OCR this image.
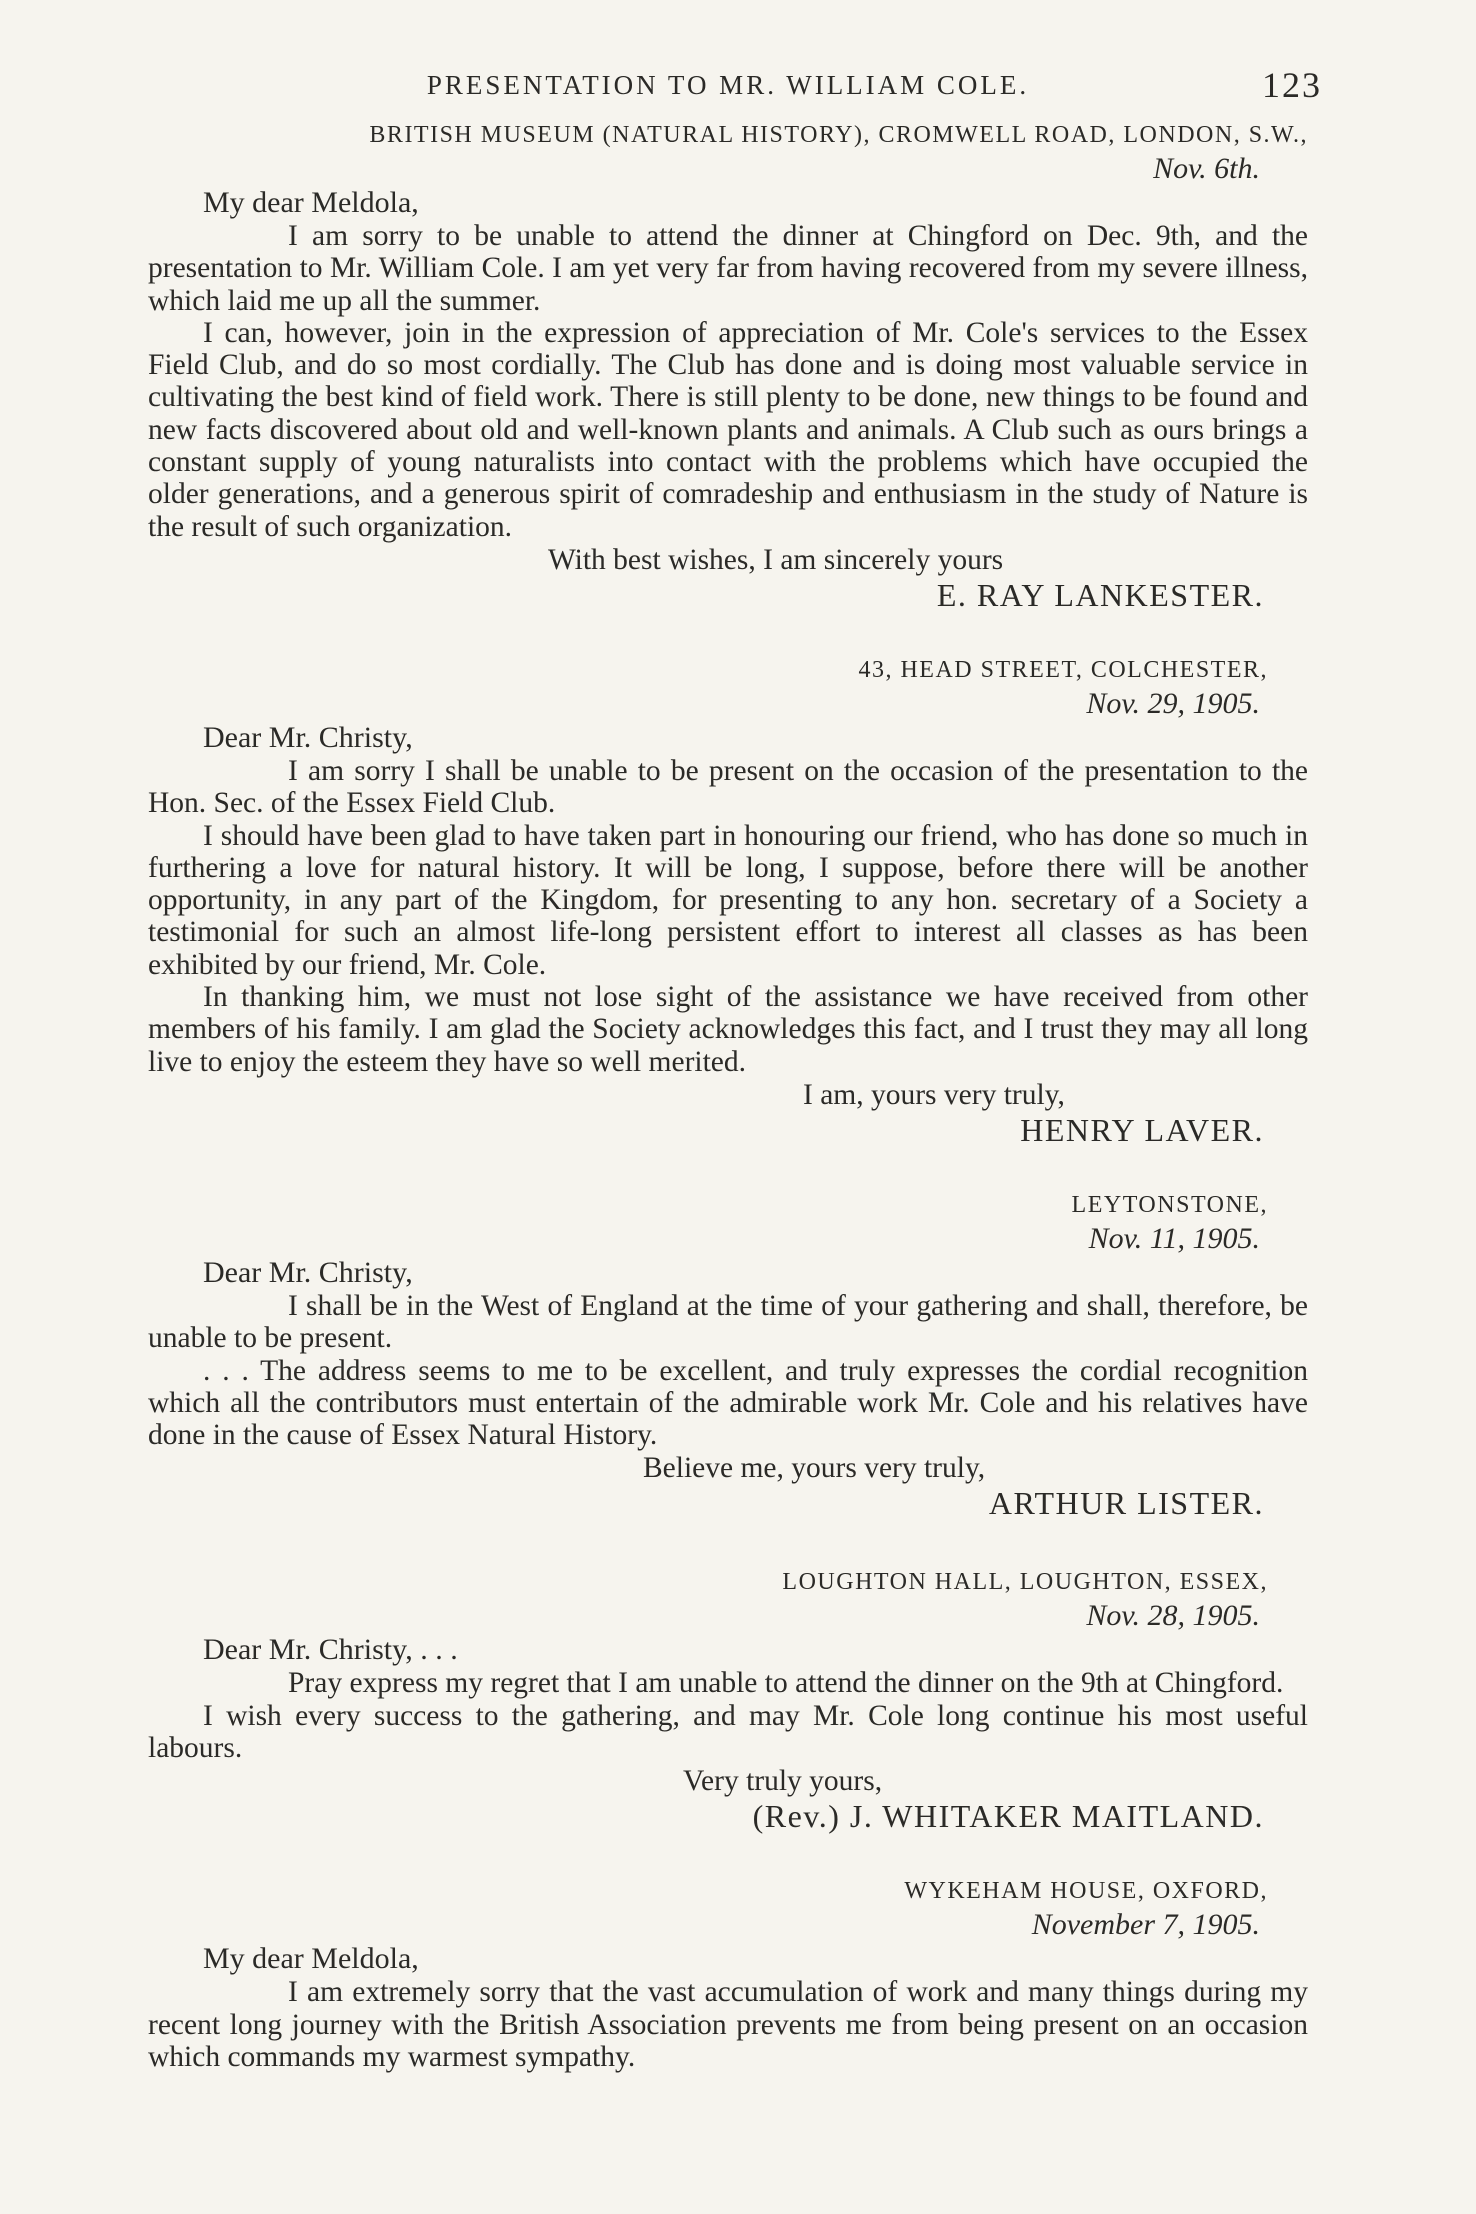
PRESENTATION TO MR. WILLIAM COLE.	123
BRITISH MUSEUM (NATURAL HISTORY), CROMWELL ROAD, LONDON, S.W.,
Nov. 6th.
My dear Meldola,

I am sorry to be unable to attend the dinner at Chingford on Dec. 9th, and the presentation to Mr. William Cole. I am yet very far from having recovered from my severe illness, which laid me up all the summer.

I can, however, join in the expression of appreciation of Mr. Cole's services to the Essex Field Club, and do so most cordially. The Club has done and is doing most valuable service in cultivating the best kind of field work. There is still plenty to be done, new things to be found and new facts discovered about old and well-known plants and animals. A Club such as ours brings a constant supply of young naturalists into contact with the problems which have occupied the older generations, and a generous spirit of comradeship and enthusiasm in the study of Nature is the result of such organization.

With best wishes, I am sincerely yours
E. RAY LANKESTER.
43, HEAD STREET, COLCHESTER,
Nov. 29, 1905.
Dear Mr. Christy,

I am sorry I shall be unable to be present on the occasion of the presentation to the Hon. Sec. of the Essex Field Club.

I should have been glad to have taken part in honouring our friend, who has done so much in furthering a love for natural history. It will be long, I suppose, before there will be another opportunity, in any part of the Kingdom, for presenting to any hon. secretary of a Society a testimonial for such an almost life-long persistent effort to interest all classes as has been exhibited by our friend, Mr. Cole.

In thanking him, we must not lose sight of the assistance we have received from other members of his family. I am glad the Society acknowledges this fact, and I trust they may all long live to enjoy the esteem they have so well merited.

I am, yours very truly,
HENRY LAVER.
LEYTONSTONE,
Nov. 11, 1905.
Dear Mr. Christy,

I shall be in the West of England at the time of your gathering and shall, therefore, be unable to be present.

. . . The address seems to me to be excellent, and truly expresses the cordial recognition which all the contributors must entertain of the admirable work Mr. Cole and his relatives have done in the cause of Essex Natural History.

Believe me, yours very truly,
ARTHUR LISTER.
LOUGHTON HALL, LOUGHTON, ESSEX,
Nov. 28, 1905.
Dear Mr. Christy, . . .

Pray express my regret that I am unable to attend the dinner on the 9th at Chingford.

I wish every success to the gathering, and may Mr. Cole long continue his most useful labours.

Very truly yours,
(Rev.) J. WHITAKER MAITLAND.
WYKEHAM HOUSE, OXFORD,
November 7, 1905.
My dear Meldola,

I am extremely sorry that the vast accumulation of work and many things during my recent long journey with the British Association prevents me from being present on an occasion which commands my warmest sympathy.
